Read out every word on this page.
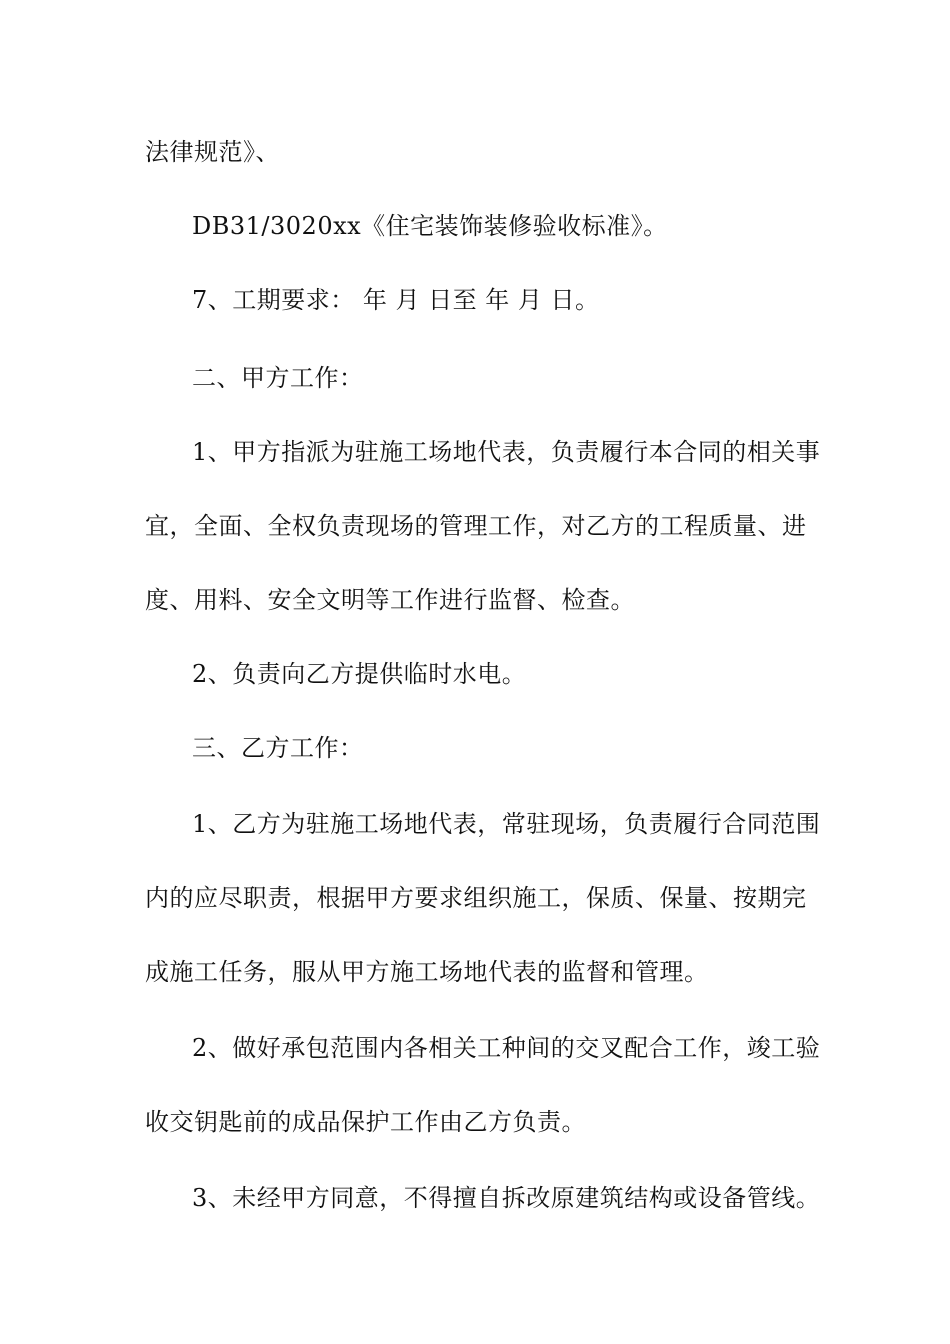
法律规范》、
DB31/3020xx《住宅装饰装修验收标准》。
7、工期要求： 年 月 日至 年 月 日。
二、甲方工作：
1、甲方指派为驻施工场地代表，负责履行本合同的相关事
宜，全面、全权负责现场的管理工作，对乙方的工程质量、进
度、用料、安全文明等工作进行监督、检查。
2、负责向乙方提供临时水电。
三、乙方工作：
1、乙方为驻施工场地代表，常驻现场，负责履行合同范围
内的应尽职责，根据甲方要求组织施工，保质、保量、按期完
成施工任务，服从甲方施工场地代表的监督和管理。
2、做好承包范围内各相关工种间的交叉配合工作，竣工验
收交钥匙前的成品保护工作由乙方负责。
3、未经甲方同意，不得擅自拆改原建筑结构或设备管线。
